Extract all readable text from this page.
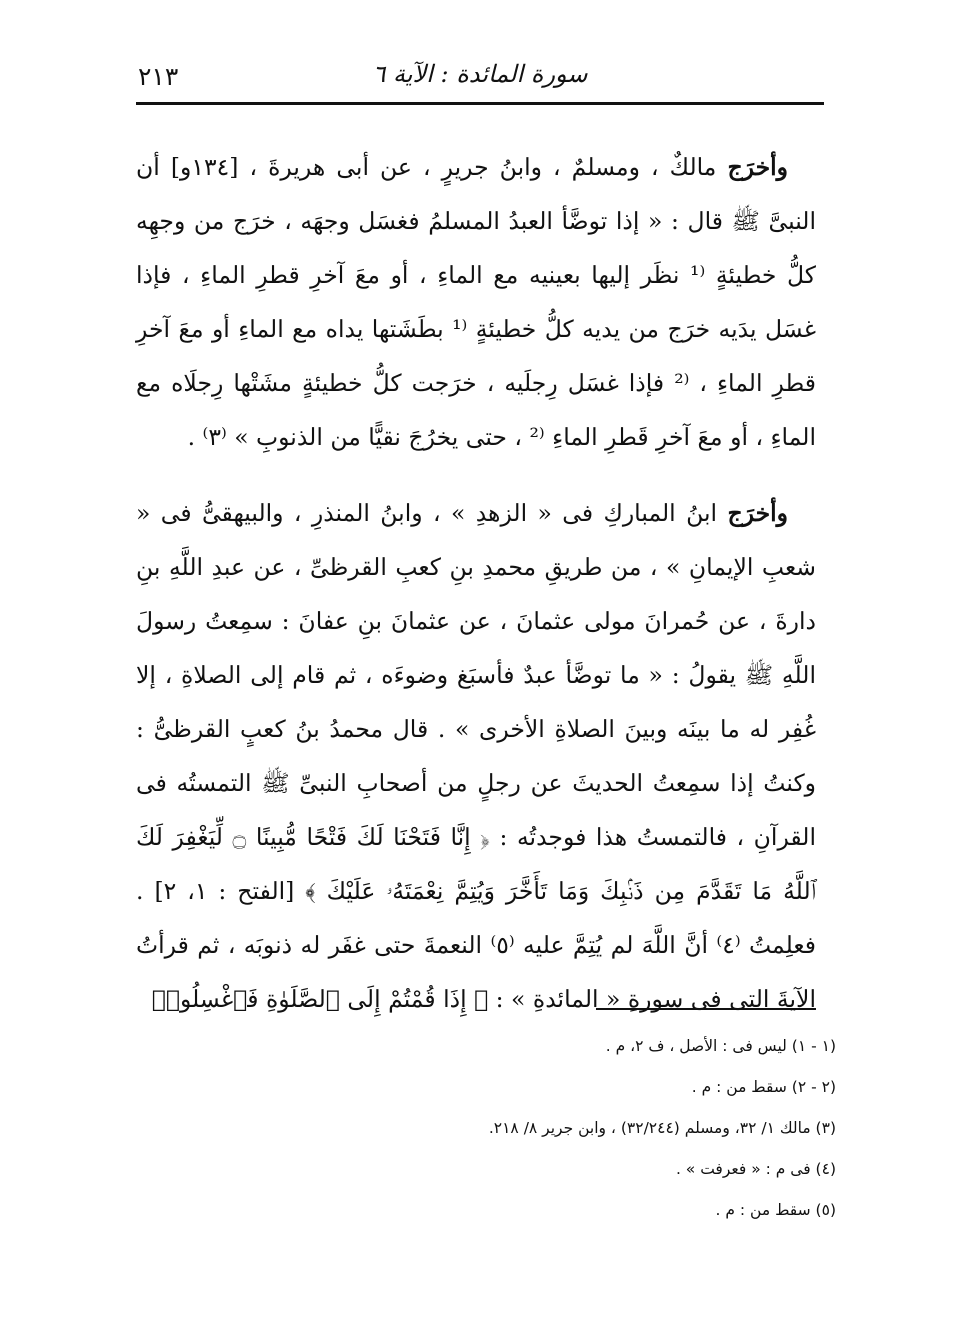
٢١٣	سورة المائدة : الآية ٦

وأخرَج مالكٌ ، ومسلمٌ ، وابنُ جريرٍ ، عن أبى هريرةَ ، [١٣٤و] أن النبىَّ ﷺ قال : « إذا توضَّأ العبدُ المسلمُ فغسَل وجهَه ، خرَج من وجهِه كلُّ خطيئةٍ ⁽¹ نظَر إليها بعينيه مع الماءِ ، أو معَ آخرِ قطرِ الماءِ ، فإذا غسَل يدَيه خرَج من يديه كلُّ خطيئةٍ ⁽¹ بطَشَتها يداه مع الماءِ أو معَ آخرِ قطرِ الماءِ ، ⁽² فإذا غسَل رِجلَيه ، خرَجت كلُّ خطيئةٍ مشَتْها رِجلَاه مع الماءِ ، أو معَ آخرِ قَطرِ الماءِ ⁽² ، حتى يخرُجَ نقيًّا من الذنوبِ » ⁽٣⁾ .

وأخرَج ابنُ المباركِ فى « الزهدِ » ، وابنُ المنذرِ ، والبيهقىُّ فى « شعبِ الإيمانِ » ، من طريقِ محمدِ بنِ كعبِ القرظىِّ ، عن عبدِ اللَّهِ بنِ دارةَ ، عن حُمرانَ مولى عثمانَ ، عن عثمانَ بنِ عفانَ : سمِعتُ رسولَ اللَّهِ ﷺ يقولُ : « ما توضَّأ عبدٌ فأسبَغ وضوءَه ، ثم قام إلى الصلاةِ ، إلا غُفِر له ما بينَه وبينَ الصلاةِ الأخرى » . قال محمدُ بنُ كعبٍ القرظىُّ : وكنتُ إذا سمِعتُ الحديثَ عن رجلٍ من أصحابِ النبىِّ ﷺ التمستُه فى القرآنِ ، فالتمستُ هذا فوجدتُه : ﴿ إِنَّا فَتَحْنَا لَكَ فَتْحًا مُّبِينًا ۝ لِّيَغْفِرَ لَكَ ٱللَّهُ مَا تَقَدَّمَ مِن ذَنۢبِكَ وَمَا تَأَخَّرَ وَيُتِمَّ نِعْمَتَهُۥ عَلَيْكَ ﴾ [الفتح : ١، ٢] . فعلِمتُ ⁽٤⁾ أنَّ اللَّهَ لم يُتِمَّ عليه ⁽٥⁾ النعمةَ حتى غفَر له ذنوبَه ، ثم قرأتُ الآيةَ التى فى سورةِ « المائدةِ » : ﴿ إِذَا قُمْتُمْ إِلَى ٱلصَّلَوٰةِ فَٱغْسِلُوا۟

(١ - ١) ليس فى : الأصل ، ف ٢، م .

(٢ - ٢) سقط من : م .

(٣) مالك ١/ ٣٢، ومسلم (٣٢/٢٤٤) ، وابن جرير ٨/ ٢١٨.

(٤) فى م : « فعرفت » .

(٥) سقط من : م .
